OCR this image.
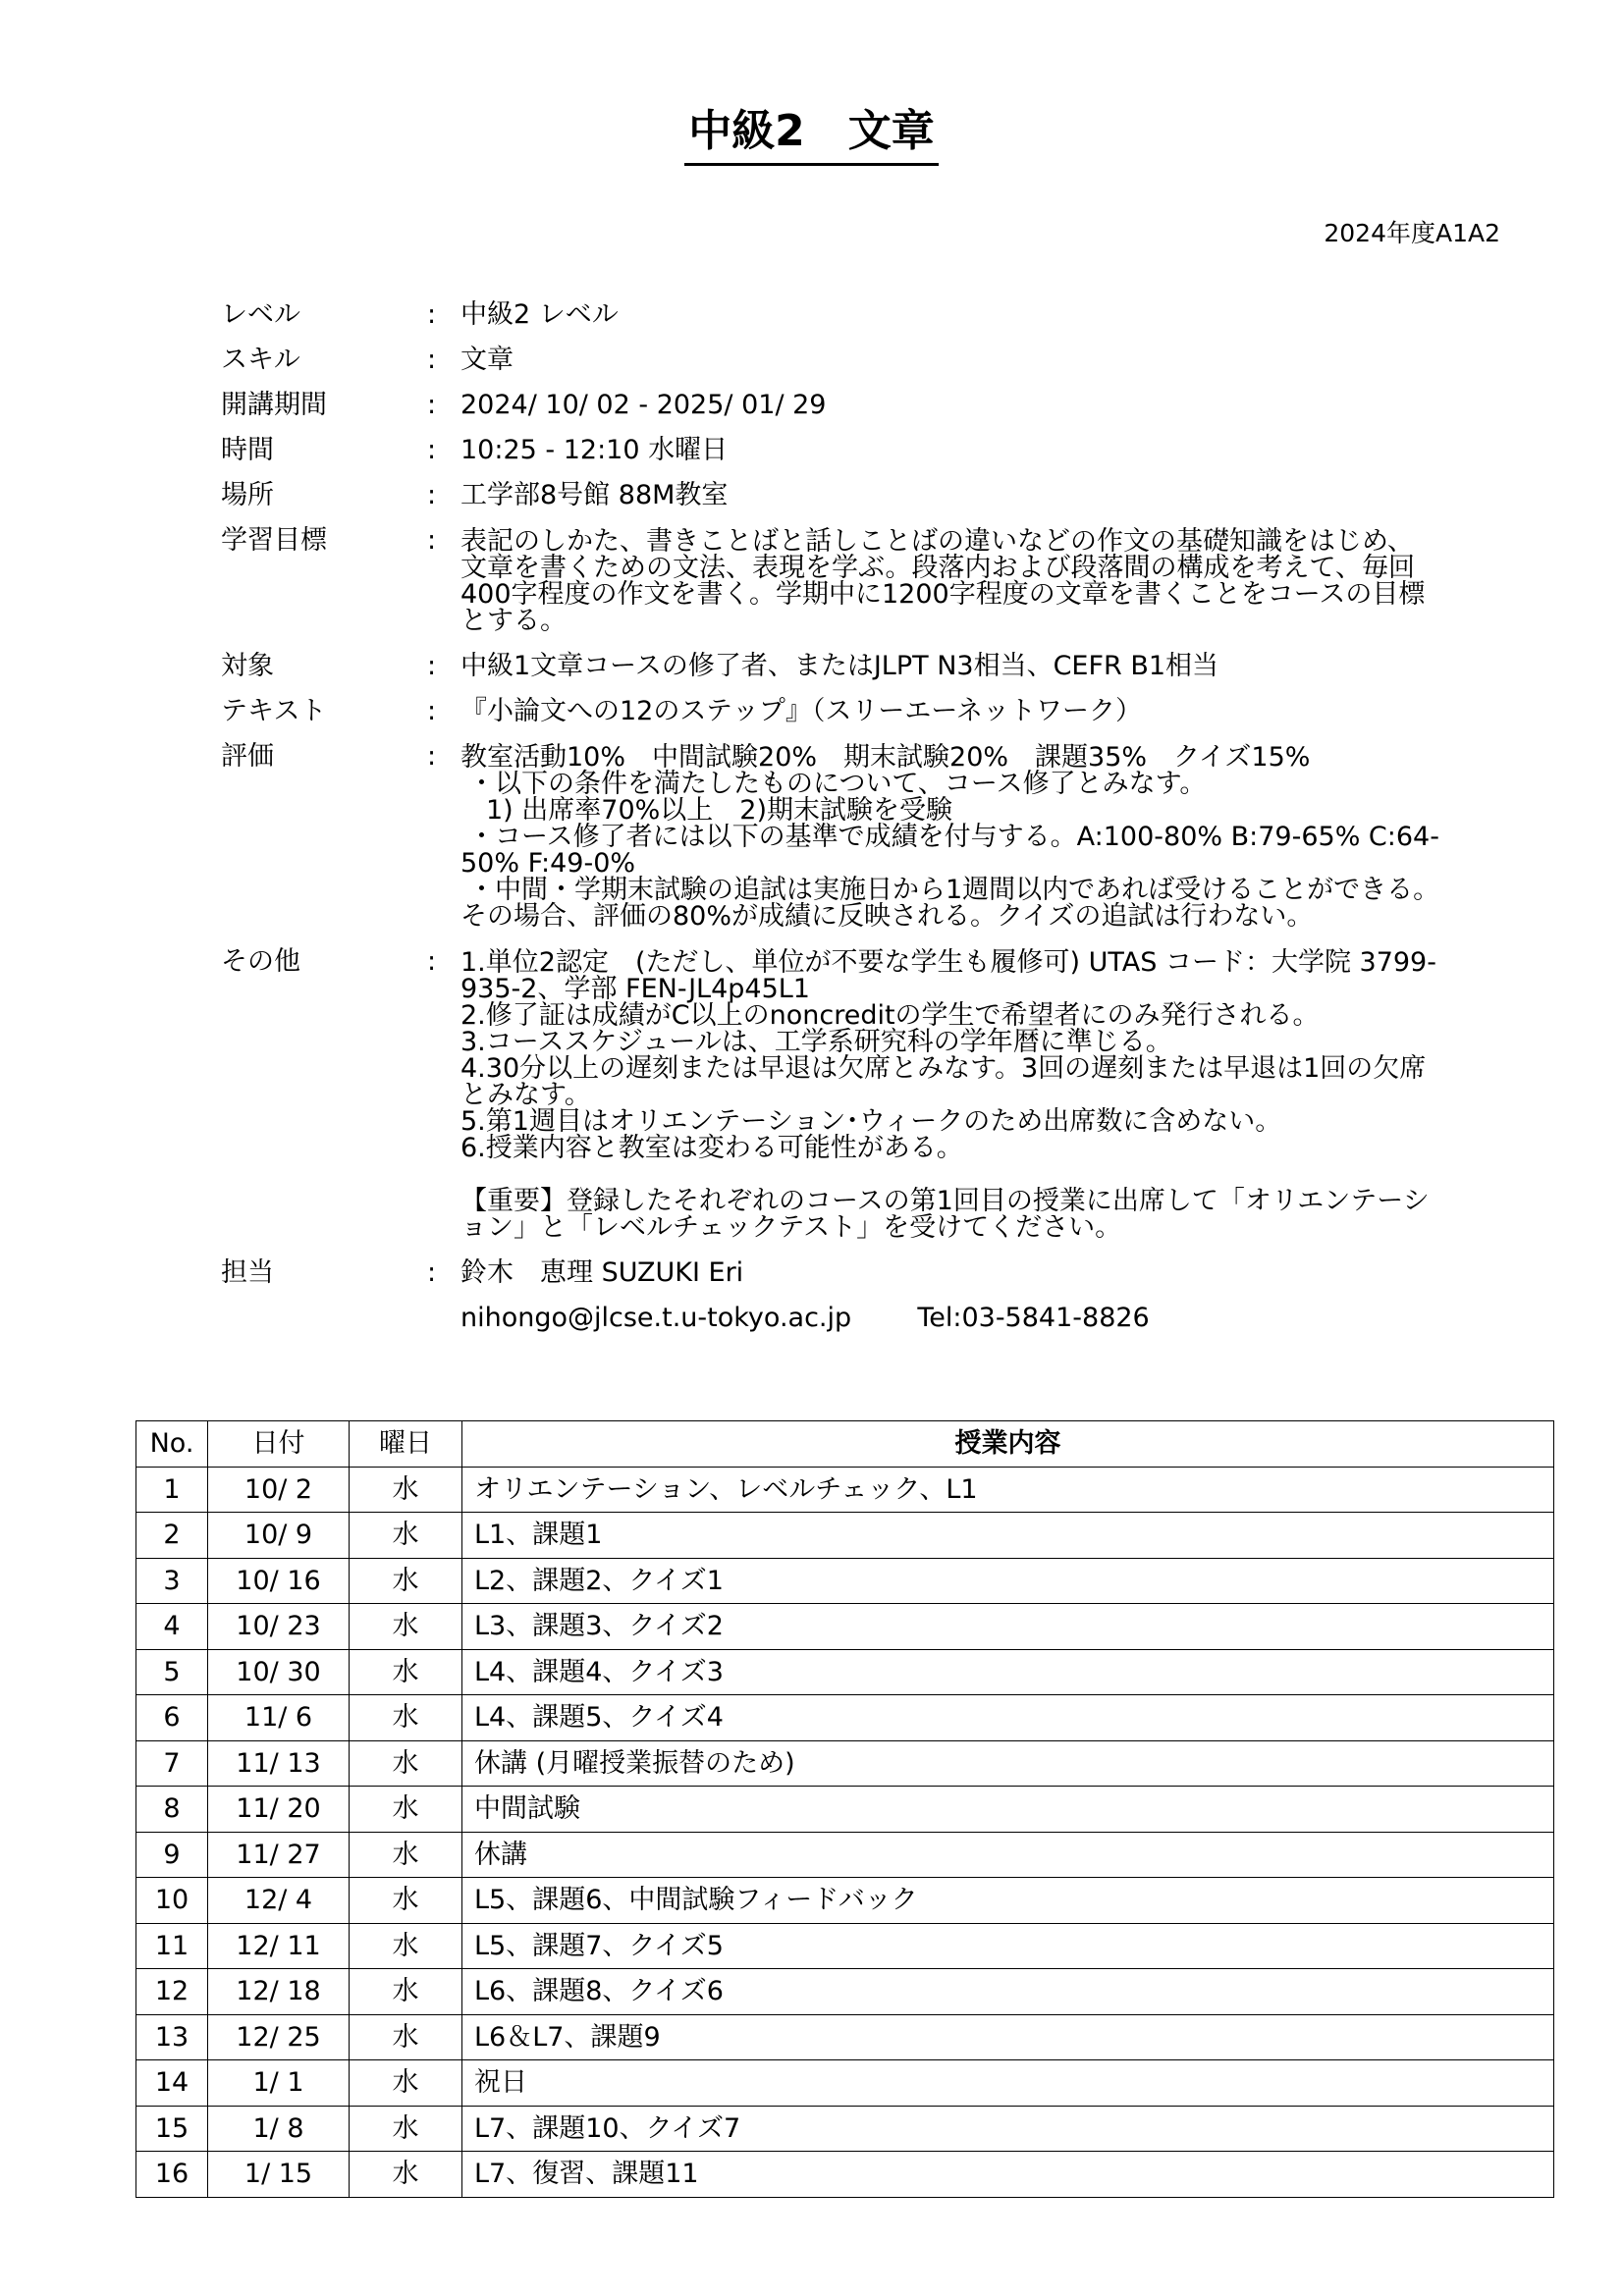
中級2　文章
2024年度A1A2
レベル	: 中級2 レベル
スキル	: 文章
開講期間	: 2024/ 10/ 02 - 2025/ 01/ 29
時間	: 10:25 - 12:10 水曜日
場所	: 工学部8号館 88M教室
学習目標	: 表記のしかた、書きことばと話しことばの違いなどの作文の基礎知識をはじめ、
文章を書くための文法、表現を学ぶ。段落内および段落間の構成を考えて、毎回
400字程度の作文を書く。学期中に1200字程度の文章を書くことをコースの目標
とする。
対象	: 中級1文章コースの修了者、またはJLPT N3相当、CEFR B1相当
テキスト	: 『小論文への12のステップ』（スリーエーネットワーク）
評価	: 教室活動10%　中間試験20%　期末試験20%　課題35%　クイズ15%
・以下の条件を満たしたものについて、コース修了とみなす。
1) 出席率70%以上　2)期末試験を受験
・コース修了者には以下の基準で成績を付与する。A:100-80% B:79-65% C:64-
50% F:49-0%
・中間・学期末試験の追試は実施日から1週間以内であれば受けることができる。
その場合、評価の80%が成績に反映される。クイズの追試は行わない。
その他	: 1.単位2認定　(ただし、単位が不要な学生も履修可) UTAS コード：大学院 3799-
935-2、学部 FEN-JL4p45L1
2.修了証は成績がC以上のnoncreditの学生で希望者にのみ発行される。
3.コーススケジュールは、工学系研究科の学年暦に準じる。
4.30分以上の遅刻または早退は欠席とみなす。3回の遅刻または早退は1回の欠席
とみなす。
5.第1週目はオリエンテーション･ウィークのため出席数に含めない。
6.授業内容と教室は変わる可能性がある。
【重要】登録したそれぞれのコースの第1回目の授業に出席して「オリエンテーシ
ョン」と「レベルチェックテスト」を受けてください。
担当	: 鈴木　恵理 SUZUKI Eri
nihongo@jlcse.t.u-tokyo.ac.jp Tel:03-5841-8826
No.	日付	曜日	授業内容
1	10/ 2	水	オリエンテーション、レベルチェック、L1
2	10/ 9	水	L1、課題1
3	10/ 16	水	L2、課題2、クイズ1
4	10/ 23	水	L3、課題3、クイズ2
5	10/ 30	水	L4、課題4、クイズ3
6	11/ 6	水	L4、課題5、クイズ4
7	11/ 13	水	休講 (月曜授業振替のため)
8	11/ 20	水	中間試験
9	11/ 27	水	休講
10	12/ 4	水	L5、課題6、中間試験フィードバック
11	12/ 11	水	L5、課題7、クイズ5
12	12/ 18	水	L6、課題8、クイズ6
13	12/ 25	水	L6＆L7、課題9
14	1/ 1	水	祝日
15	1/ 8	水	L7、課題10、クイズ7
16	1/ 15	水	L7、復習、課題11
